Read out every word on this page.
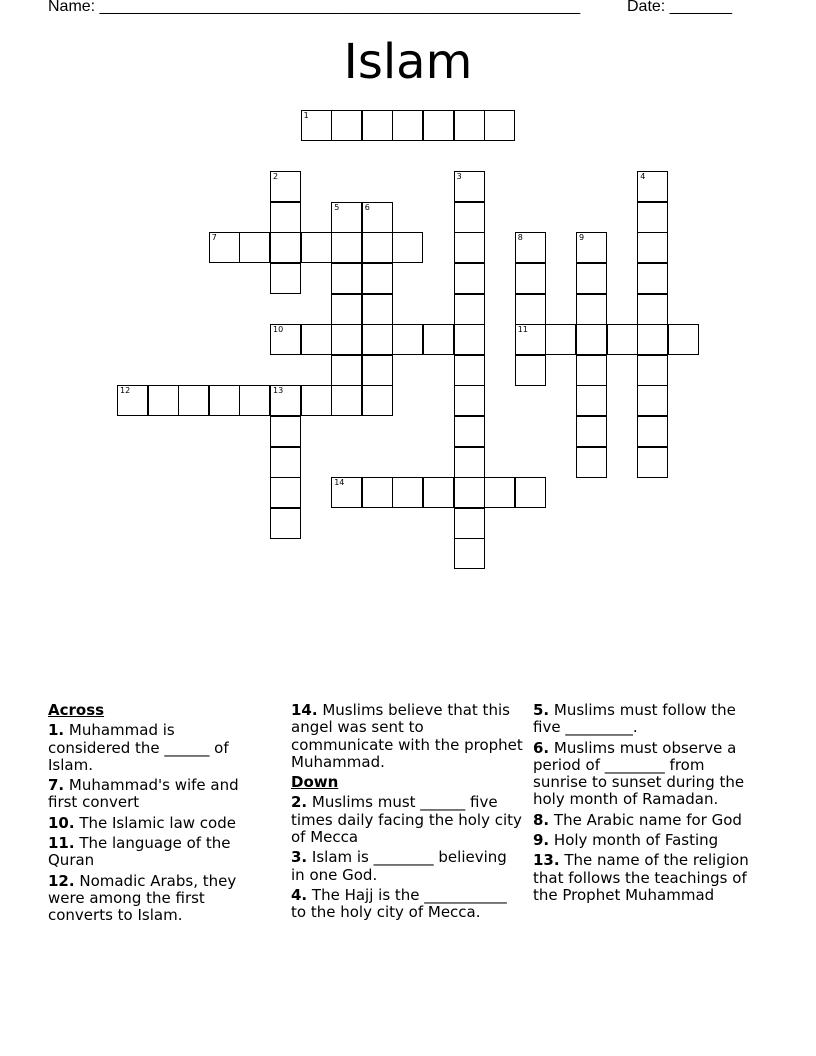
Name: ______________________________________________________	Date: _______
Islam
1
2	3	4
5	6
7	8
11
9
10
12	13
14
Across
1. Muhammad is considered the ______ of Islam.
7. Muhammad's wife and first convert
10. The Islamic law code
11. The language of the Quran
12. Nomadic Arabs, they were among the first converts to Islam.
14. Muslims believe that this angel was sent to communicate with the prophet Muhammad.
Down
2. Muslims must ______ five times daily facing the holy city of Mecca
3. Islam is ________ believing in one God.
4. The Hajj is the ___________ to the holy city of Mecca.
5. Muslims must follow the five _________.
6. Muslims must observe a period of ________ from sunrise to sunset during the holy month of Ramadan.
8. The Arabic name for God
9. Holy month of Fasting
13. The name of the religion that follows the teachings of the Prophet Muhammad
